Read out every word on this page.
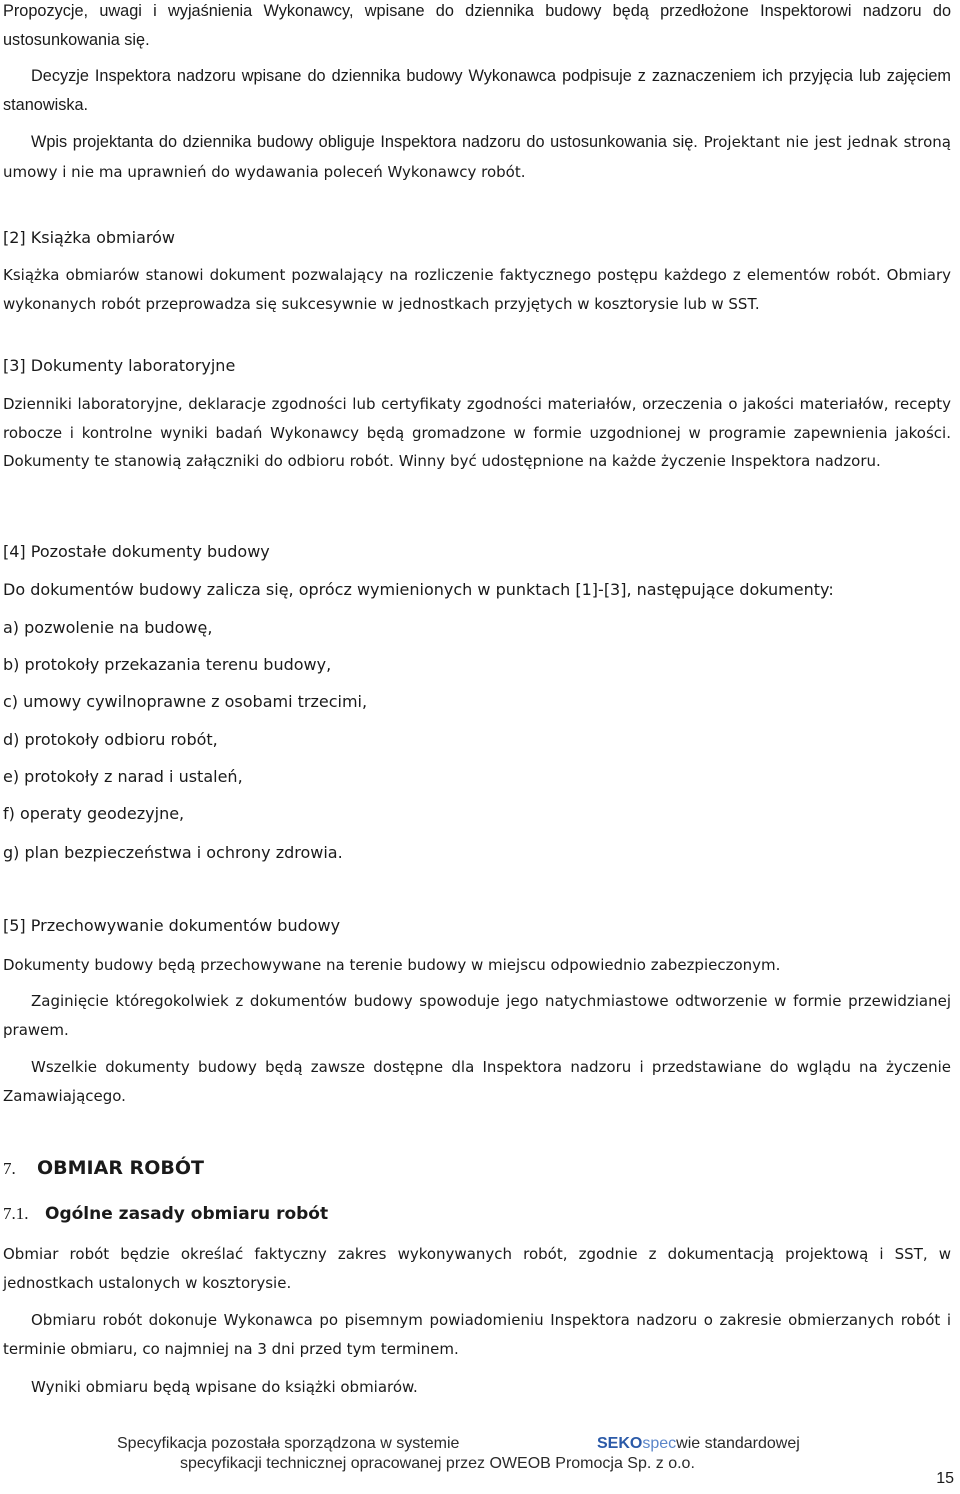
Propozycje, uwagi i wyjaśnienia Wykonawcy, wpisane do dziennika budowy będą przedłożone Inspektorowi nadzoru do ustosunkowania się.

Decyzje Inspektora nadzoru wpisane do dziennika budowy Wykonawca podpisuje z zaznaczeniem ich przyjęcia lub zajęciem stanowiska.

Wpis projektanta do dziennika budowy obliguje Inspektora nadzoru do ustosunkowania się. Projektant nie jest jednak stroną umowy i nie ma uprawnień do wydawania poleceń Wykonawcy robót.

[2] Książka obmiarów

Książka obmiarów stanowi dokument pozwalający na rozliczenie faktycznego postępu każdego z elementów robót. Obmiary wykonanych robót przeprowadza się sukcesywnie w jednostkach przyjętych w kosztorysie lub w SST.

[3] Dokumenty laboratoryjne

Dzienniki laboratoryjne, deklaracje zgodności lub certyfikaty zgodności materiałów, orzeczenia o jakości materiałów, recepty robocze i kontrolne wyniki badań Wykonawcy będą gromadzone w formie uzgodnionej w programie zapewnienia jakości. Dokumenty te stanowią załączniki do odbioru robót. Winny być udostępnione na każde życzenie Inspektora nadzoru.

[4] Pozostałe dokumenty budowy

Do dokumentów budowy zalicza się, oprócz wymienionych w punktach [1]-[3], następujące dokumenty:

a) pozwolenie na budowę,

b) protokoły przekazania terenu budowy,

c) umowy cywilnoprawne z osobami trzecimi,

d) protokoły odbioru robót,

e) protokoły z narad i ustaleń,

f) operaty geodezyjne,

g) plan bezpieczeństwa i ochrony zdrowia.

[5] Przechowywanie dokumentów budowy

Dokumenty budowy będą przechowywane na terenie budowy w miejscu odpowiednio zabezpieczonym.

Zaginięcie któregokolwiek z dokumentów budowy spowoduje jego natychmiastowe odtworzenie w formie przewidzianej prawem.

Wszelkie dokumenty budowy będą zawsze dostępne dla Inspektora nadzoru i przedstawiane do wglądu na życzenie Zamawiającego.

7. OBMIAR ROBÓT
7.1. Ogólne zasady obmiaru robót

Obmiar robót będzie określać faktyczny zakres wykonywanych robót, zgodnie z dokumentacją projektową i SST, w jednostkach ustalonych w kosztorysie.

Obmiaru robót dokonuje Wykonawca po pisemnym powiadomieniu Inspektora nadzoru o zakresie obmierzanych robót i terminie obmiaru, co najmniej na 3 dni przed tym terminem.

Wyniki obmiaru będą wpisane do książki obmiarów.

Specyfikacja pozostała sporządzona w systemie	SEKOspecwie standardowej
specyfikacji technicznej opracowanej przez OWEOB Promocja Sp. z o.o.
15
